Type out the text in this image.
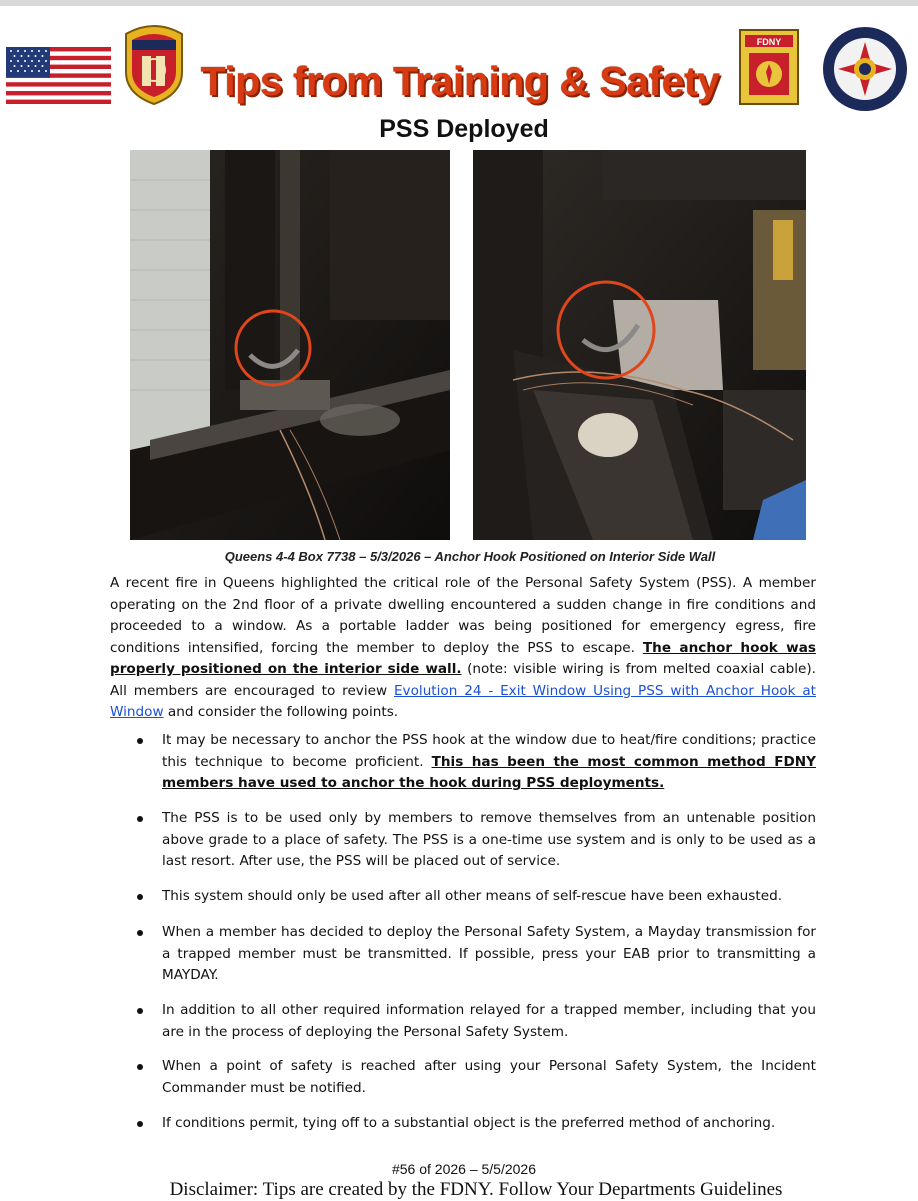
Tips from Training & Safety
FDNY
PSS Deployed
Queens 4-4 Box 7738 – 5/3/2026 – Anchor Hook Positioned on Interior Side Wall

A recent fire in Queens highlighted the critical role of the Personal Safety System (PSS). A member operating on the 2nd floor of a private dwelling encountered a sudden change in fire conditions and proceeded to a window. As a portable ladder was being positioned for emergency egress, fire conditions intensified, forcing the member to deploy the PSS to escape. The anchor hook was properly positioned on the interior side wall. (note: visible wiring is from melted coaxial cable). All members are encouraged to review Evolution 24 - Exit Window Using PSS with Anchor Hook at Window and consider the following points.

It may be necessary to anchor the PSS hook at the window due to heat/fire conditions; practice this technique to become proficient. This has been the most common method FDNY members have used to anchor the hook during PSS deployments.
The PSS is to be used only by members to remove themselves from an untenable position above grade to a place of safety. The PSS is a one-time use system and is only to be used as a last resort. After use, the PSS will be placed out of service.
This system should only be used after all other means of self-rescue have been exhausted.
When a member has decided to deploy the Personal Safety System, a Mayday transmission for a trapped member must be transmitted. If possible, press your EAB prior to transmitting a MAYDAY.
In addition to all other required information relayed for a trapped member, including that you are in the process of deploying the Personal Safety System.
When a point of safety is reached after using your Personal Safety System, the Incident Commander must be notified.
If conditions permit, tying off to a substantial object is the preferred method of anchoring.
#56 of 2026 – 5/5/2026
Disclaimer: Tips are created by the FDNY. Follow Your Departments Guidelines
